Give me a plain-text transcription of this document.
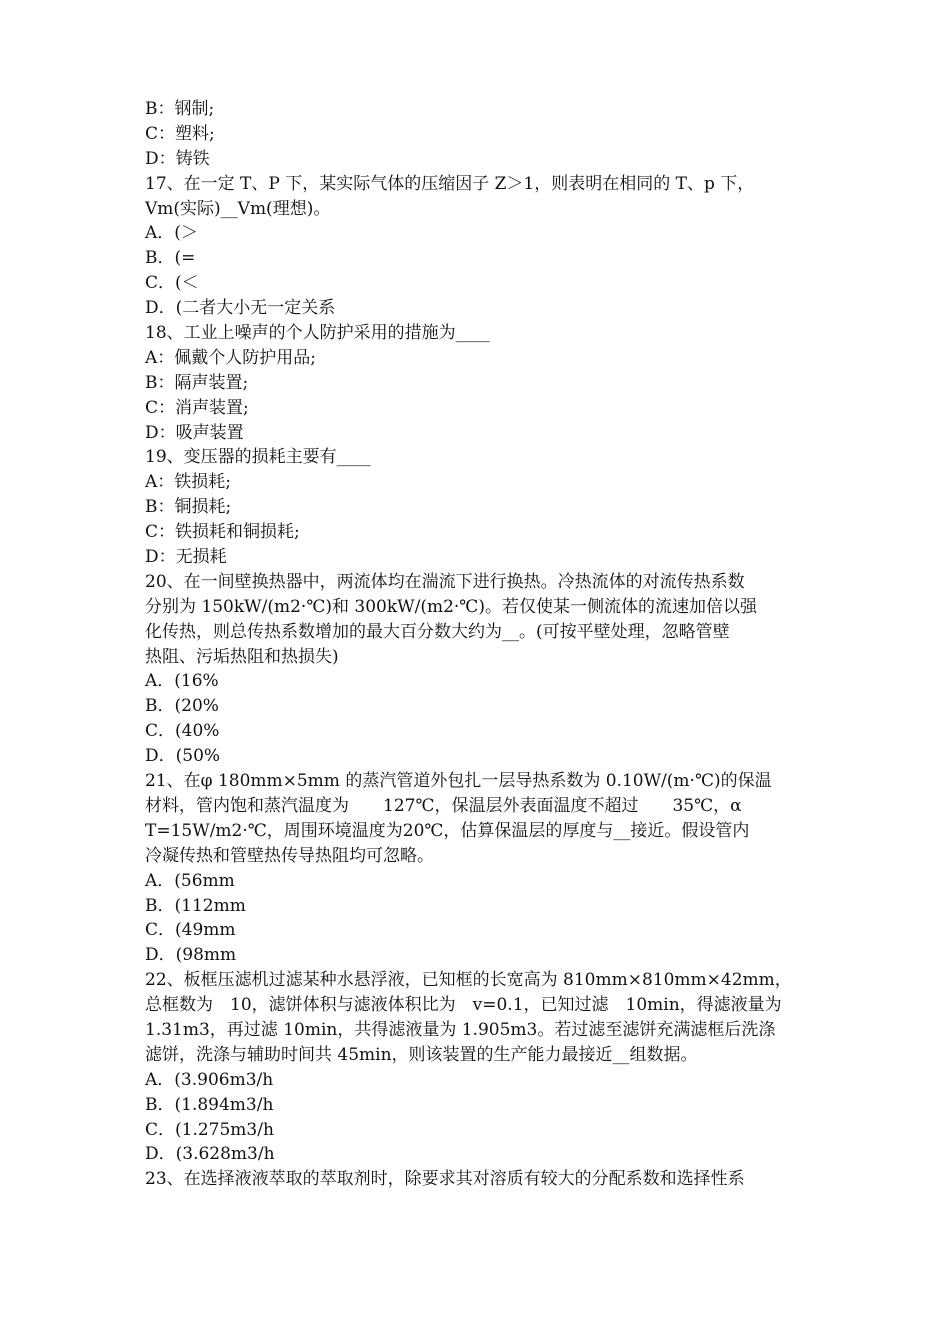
B：钢制;
C：塑料;
D：铸铁
17、在一定 T、P 下，某实际气体的压缩因子 Z＞1，则表明在相同的 T、p 下，
Vm(实际)__Vm(理想)。
A．(＞
B．(=
C．(＜
D．(二者大小无一定关系
18、工业上噪声的个人防护采用的措施为____
A：佩戴个人防护用品;
B：隔声装置;
C：消声装置;
D：吸声装置
19、变压器的损耗主要有____
A：铁损耗;
B：铜损耗;
C：铁损耗和铜损耗;
D：无损耗
20、在一间壁换热器中，两流体均在湍流下进行换热。冷热流体的对流传热系数
分别为 150kW/(m2·℃)和 300kW/(m2·℃)。若仅使某一侧流体的流速加倍以强
化传热，则总传热系数增加的最大百分数大约为__。(可按平壁处理，忽略管壁
热阻、污垢热阻和热损失)
A．(16%
B．(20%
C．(40%
D．(50%
21、在φ 180mm×5mm 的蒸汽管道外包扎一层导热系数为 0.10W/(m·℃)的保温
材料，管内饱和蒸汽温度为　　127℃，保温层外表面温度不超过　　35℃，α
T=15W/m2·℃，周围环境温度为20℃，估算保温层的厚度与__接近。假设管内
冷凝传热和管壁热传导热阻均可忽略。
A．(56mm
B．(112mm
C．(49mm
D．(98mm
22、板框压滤机过滤某种水悬浮液，已知框的长宽高为 810mm×810mm×42mm，
总框数为　10，滤饼体积与滤液体积比为　v=0.1，已知过滤　10min，得滤液量为
1.31m3，再过滤 10min，共得滤液量为 1.905m3。若过滤至滤饼充满滤框后洗涤
滤饼，洗涤与辅助时间共 45min，则该装置的生产能力最接近__组数据。
A．(3.906m3/h
B．(1.894m3/h
C．(1.275m3/h
D．(3.628m3/h
23、在选择液液萃取的萃取剂时，除要求其对溶质有较大的分配系数和选择性系
